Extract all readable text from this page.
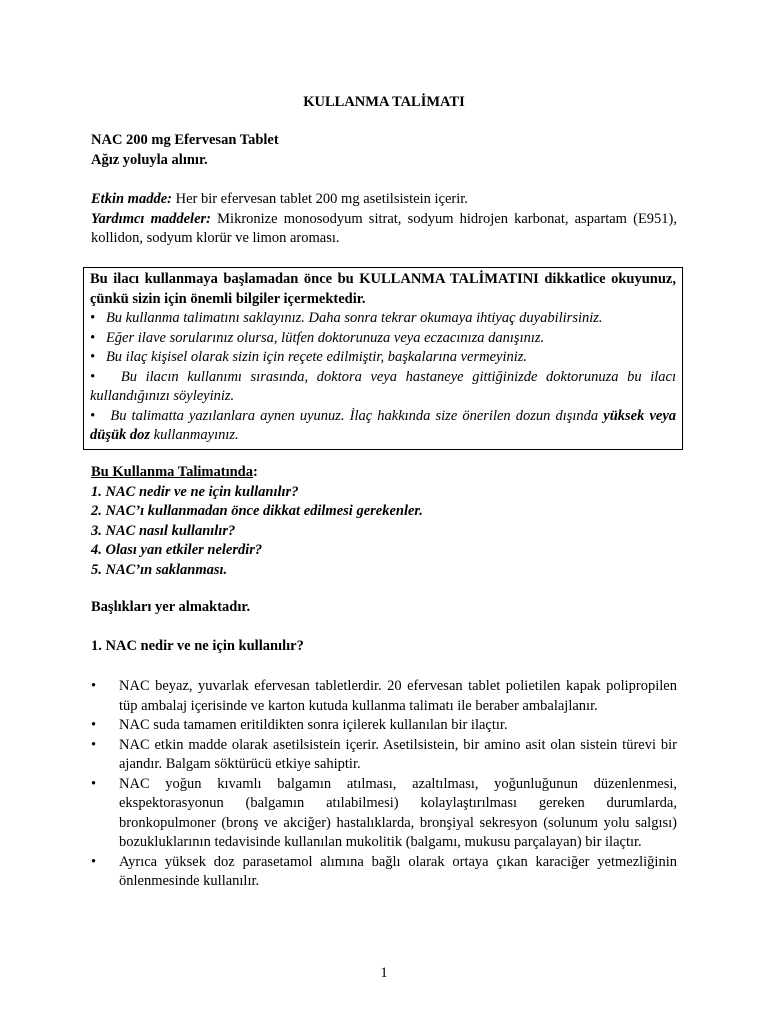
KULLANMA TALİMATI
NAC 200 mg Efervesan Tablet
Ağız yoluyla alınır.
Etkin madde: Her bir efervesan tablet 200 mg asetilsistein içerir.
Yardımcı maddeler: Mikronize monosodyum sitrat, sodyum hidrojen karbonat, aspartam (E951), kollidon, sodyum klorür ve limon aroması.
Bu ilacı kullanmaya başlamadan önce bu KULLANMA TALİMATINI dikkatlice okuyunuz, çünkü sizin için önemli bilgiler içermektedir.
• Bu kullanma talimatını saklayınız. Daha sonra tekrar okumaya ihtiyaç duyabilirsiniz.
• Eğer ilave sorularınız olursa, lütfen doktorunuza veya eczacınıza danışınız.
• Bu ilaç kişisel olarak sizin için reçete edilmiştir, başkalarına vermeyiniz.
• Bu ilacın kullanımı sırasında, doktora veya hastaneye gittiğinizde doktorunuza bu ilacı kullandığınızı söyleyiniz.
• Bu talimatta yazılanlara aynen uyunuz. İlaç hakkında size önerilen dozun dışında yüksek veya düşük doz kullanmayınız.
Bu Kullanma Talimatında:
1. NAC nedir ve ne için kullanılır?
2. NAC’ı kullanmadan önce dikkat edilmesi gerekenler.
3. NAC nasıl kullanılır?
4. Olası yan etkiler nelerdir?
5. NAC’ın saklanması.
Başlıkları yer almaktadır.
1. NAC nedir ve ne için kullanılır?
•	NAC beyaz, yuvarlak efervesan tabletlerdir. 20 efervesan tablet polietilen kapak polipropilen tüp ambalaj içerisinde ve karton kutuda kullanma talimatı ile beraber ambalajlanır.
•	NAC suda tamamen eritildikten sonra içilerek kullanılan bir ilaçtır.
•	NAC etkin madde olarak asetilsistein içerir. Asetilsistein, bir amino asit olan sistein türevi bir ajandır. Balgam söktürücü etkiye sahiptir.
•	NAC yoğun kıvamlı balgamın atılması, azaltılması, yoğunluğunun düzenlenmesi, ekspektorasyonun (balgamın atılabilmesi) kolaylaştırılması gereken durumlarda, bronkopulmoner (bronş ve akciğer) hastalıklarda, bronşiyal sekresyon (solunum yolu salgısı) bozukluklarının tedavisinde kullanılan mukolitik (balgamı, mukusu parçalayan) bir ilaçtır.
•	Ayrıca yüksek doz parasetamol alımına bağlı olarak ortaya çıkan karaciğer yetmezliğinin önlenmesinde kullanılır.
1
